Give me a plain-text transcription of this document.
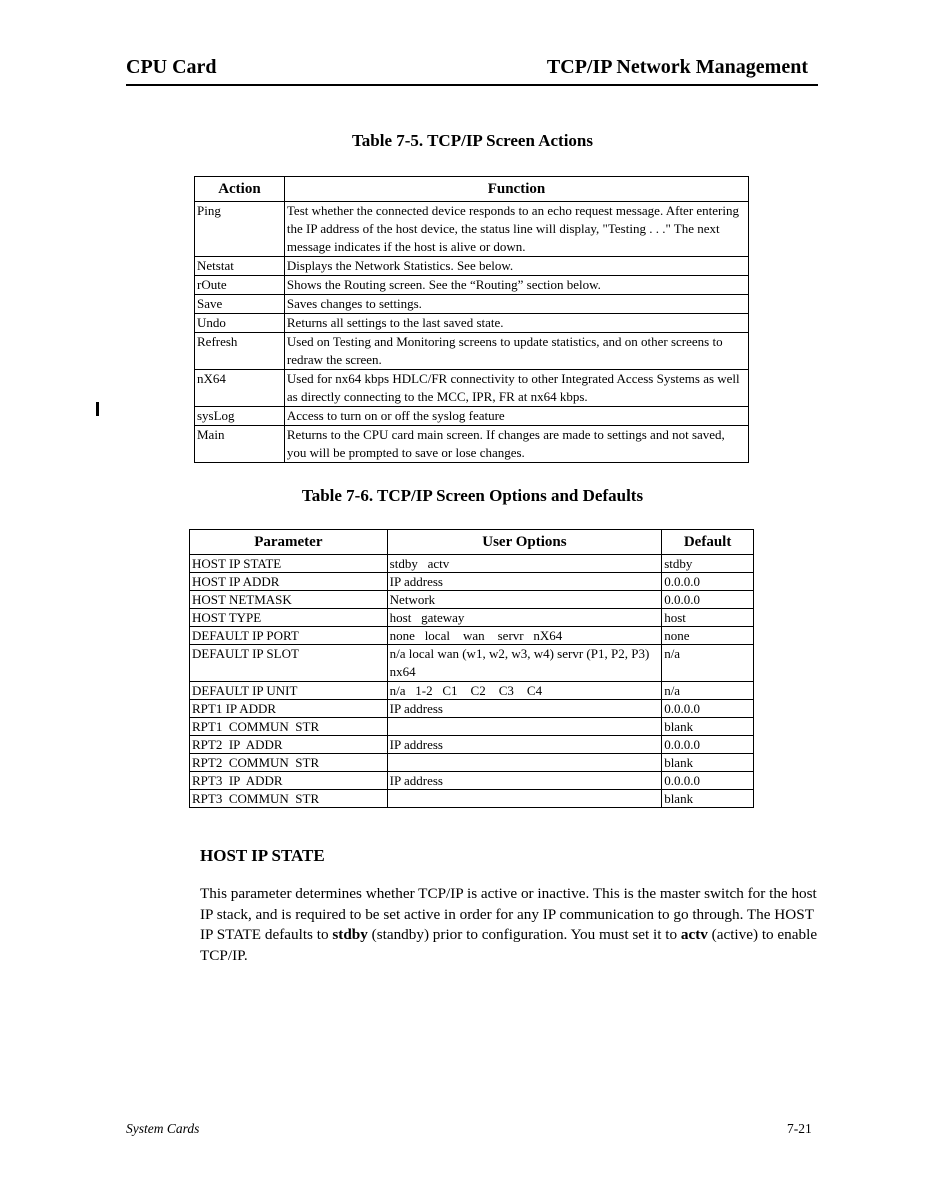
CPU Card	TCP/IP Network Management
Table 7-5. TCP/IP Screen Actions
Action	Function
Ping	Test whether the connected device responds to an echo request message. After entering the IP address of the host device, the status line will display, "Testing . . ." The next message indicates if the host is alive or down.
Netstat	Displays the Network Statistics. See below.
rOute	Shows the Routing screen. See the “Routing” section below.
Save	Saves changes to settings.
Undo	Returns all settings to the last saved state.
Refresh	Used on Testing and Monitoring screens to update statistics, and on other screens to redraw the screen.
nX64	Used for nx64 kbps HDLC/FR connectivity to other Integrated Access Systems as well as directly connecting to the MCC, IPR, FR at nx64 kbps.
sysLog	Access to turn on or off the syslog feature
Main	Returns to the CPU card main screen. If changes are made to settings and not saved, you will be prompted to save or lose changes.
Table 7-6. TCP/IP Screen Options and Defaults
Parameter	User Options	Default
HOST IP STATE	stdby   actv	stdby
HOST IP ADDR	IP address	0.0.0.0
HOST NETMASK	Network	0.0.0.0
HOST TYPE	host   gateway	host
DEFAULT IP PORT	none   local    wan    servr   nX64	none
DEFAULT IP SLOT	n/a local wan (w1, w2, w3, w4) servr (P1, P2, P3) nx64	n/a
DEFAULT IP UNIT	n/a   1-2   C1    C2    C3    C4	n/a
RPT1 IP ADDR	IP address	0.0.0.0
RPT1  COMMUN  STR		blank
RPT2  IP  ADDR	IP address	0.0.0.0
RPT2  COMMUN  STR		blank
RPT3  IP  ADDR	IP address	0.0.0.0
RPT3  COMMUN  STR		blank
HOST IP STATE

This parameter determines whether TCP/IP is active or inactive. This is the master switch for the host IP stack, and is required to be set active in order for any IP communication to go through. The HOST IP STATE defaults to stdby (standby) prior to configuration. You must set it to actv (active) to enable TCP/IP.

System Cards	7-21
